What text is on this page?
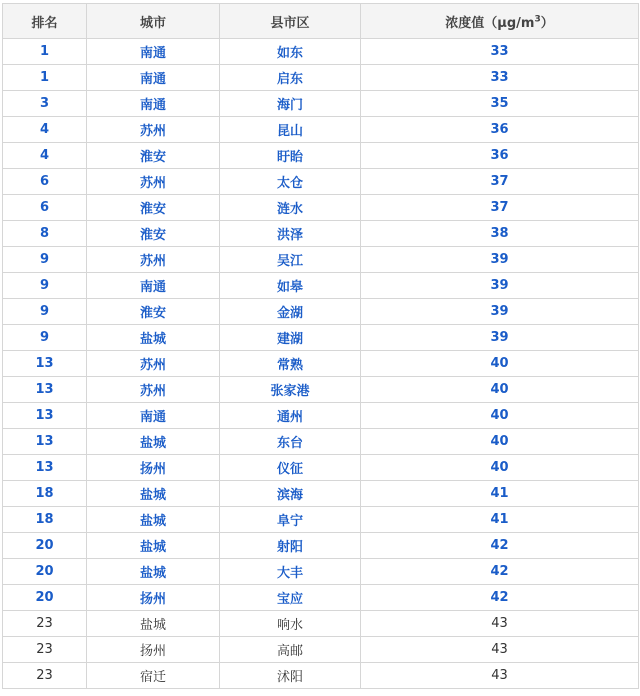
排名	城市	县市区	浓度值$(\mu g/m^3)$
1	南通	如东	33
1	南通	启东	33
3	南通	海门	35
4	苏州	昆山	36
4	淮安	盱眙	36
6	苏州	太仓	37
6	淮安	涟水	37
8	淮安	洪泽	38
9	苏州	吴江	39
9	南通	如皋	39
9	淮安	金湖	39
9	盐城	建湖	39
13	苏州	常熟	40
13	苏州	张家港	40
13	南通	通州	40
13	盐城	东台	40
13	扬州	仪征	40
18	盐城	滨海	41
18	盐城	阜宁	41
20	盐城	射阳	42
20	盐城	大丰	42
20	扬州	宝应	42
23	盐城	响水	43
23	扬州	高邮	43
23	宿迁	沭阳	43
